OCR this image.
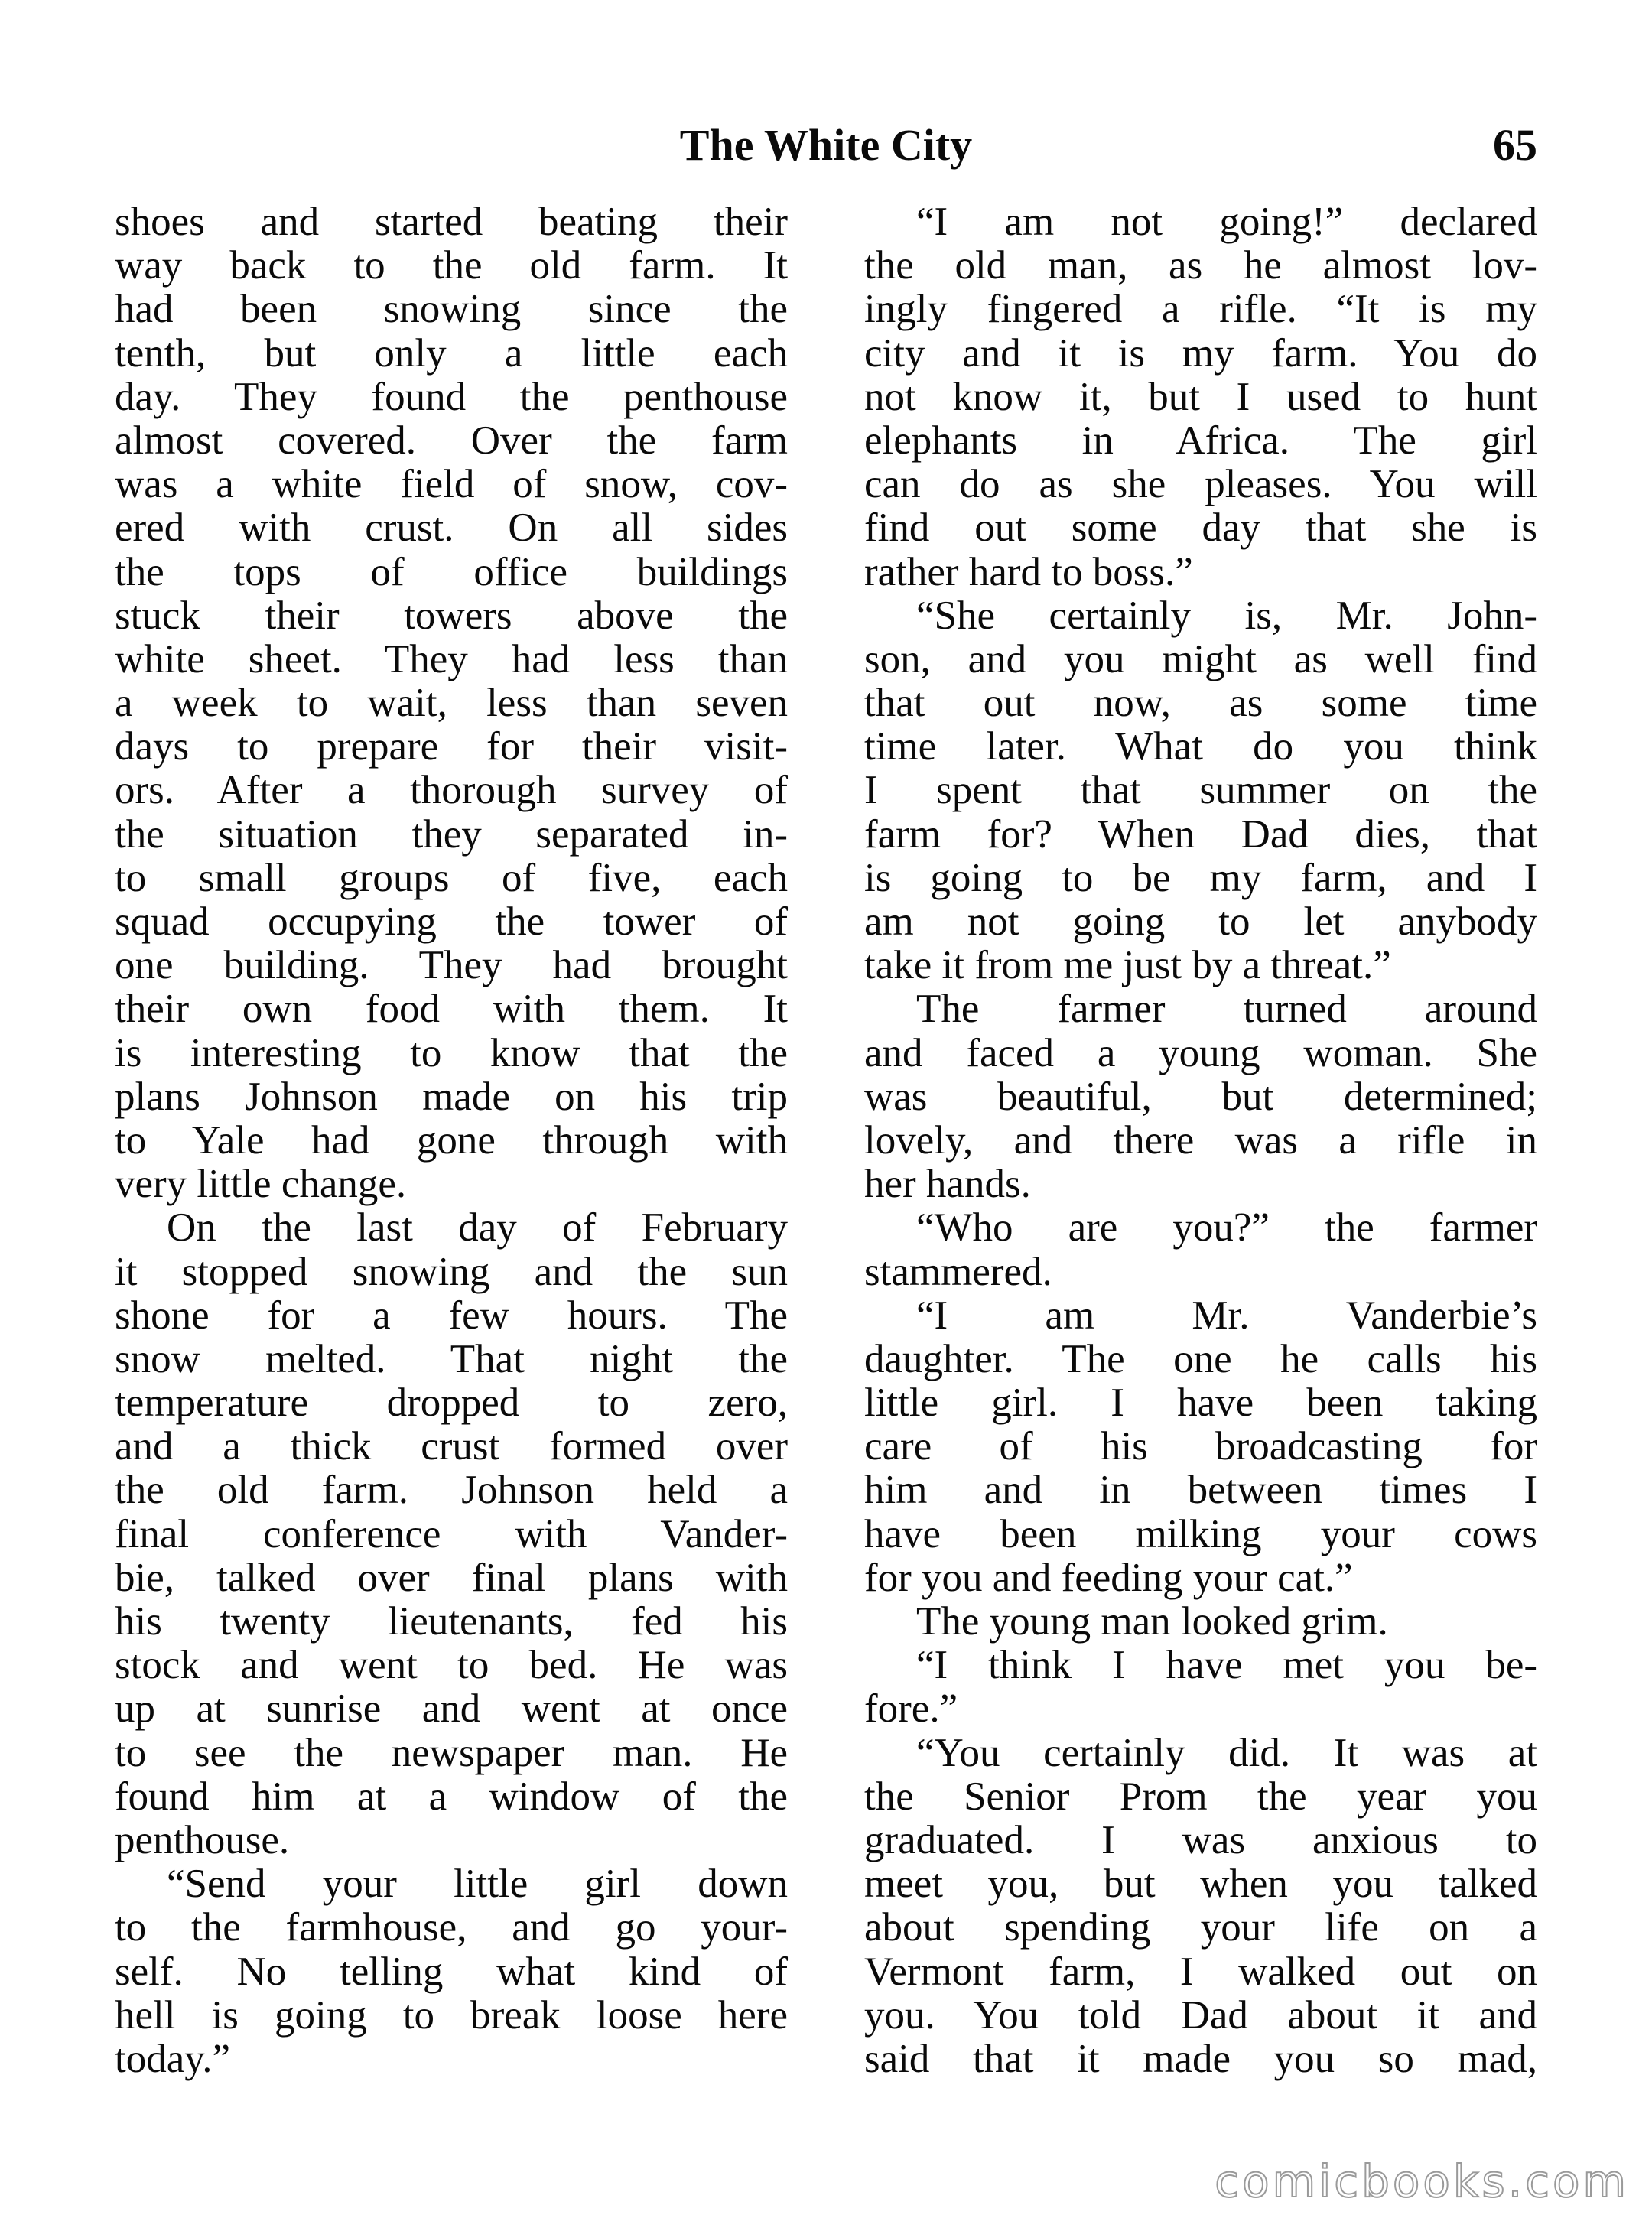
The White City	65
shoes and started beating their
way back to the old farm. It
had been snowing since the
tenth, but only a little each
day. They found the penthouse
almost covered. Over the farm
was a white field of snow, cov-
ered with crust. On all sides
the tops of office buildings
stuck their towers above the
white sheet. They had less than
a week to wait, less than seven
days to prepare for their visit-
ors. After a thorough survey of
the situation they separated in-
to small groups of five, each
squad occupying the tower of
one building. They had brought
their own food with them. It
is interesting to know that the
plans Johnson made on his trip
to Yale had gone through with
very little change.
On the last day of February
it stopped snowing and the sun
shone for a few hours. The
snow melted. That night the
temperature dropped to zero,
and a thick crust formed over
the old farm. Johnson held a
final conference with Vander-
bie, talked over final plans with
his twenty lieutenants, fed his
stock and went to bed. He was
up at sunrise and went at once
to see the newspaper man. He
found him at a window of the
penthouse.
“Send your little girl down
to the farmhouse, and go your-
self. No telling what kind of
hell is going to break loose here
today.”
“I am not going!” declared
the old man, as he almost lov-
ingly fingered a rifle. “It is my
city and it is my farm. You do
not know it, but I used to hunt
elephants in Africa. The girl
can do as she pleases. You will
find out some day that she is
rather hard to boss.”
“She certainly is, Mr. John-
son, and you might as well find
that out now, as some time
time later. What do you think
I spent that summer on the
farm for? When Dad dies, that
is going to be my farm, and I
am not going to let anybody
take it from me just by a threat.”
The farmer turned around
and faced a young woman. She
was beautiful, but determined;
lovely, and there was a rifle in
her hands.
“Who are you?” the farmer
stammered.
“I am Mr. Vanderbie’s
daughter. The one he calls his
little girl. I have been taking
care of his broadcasting for
him and in between times I
have been milking your cows
for you and feeding your cat.”
The young man looked grim.
“I think I have met you be-
fore.”
“You certainly did. It was at
the Senior Prom the year you
graduated. I was anxious to
meet you, but when you talked
about spending your life on a
Vermont farm, I walked out on
you. You told Dad about it and
said that it made you so mad,
comicbooks.com
